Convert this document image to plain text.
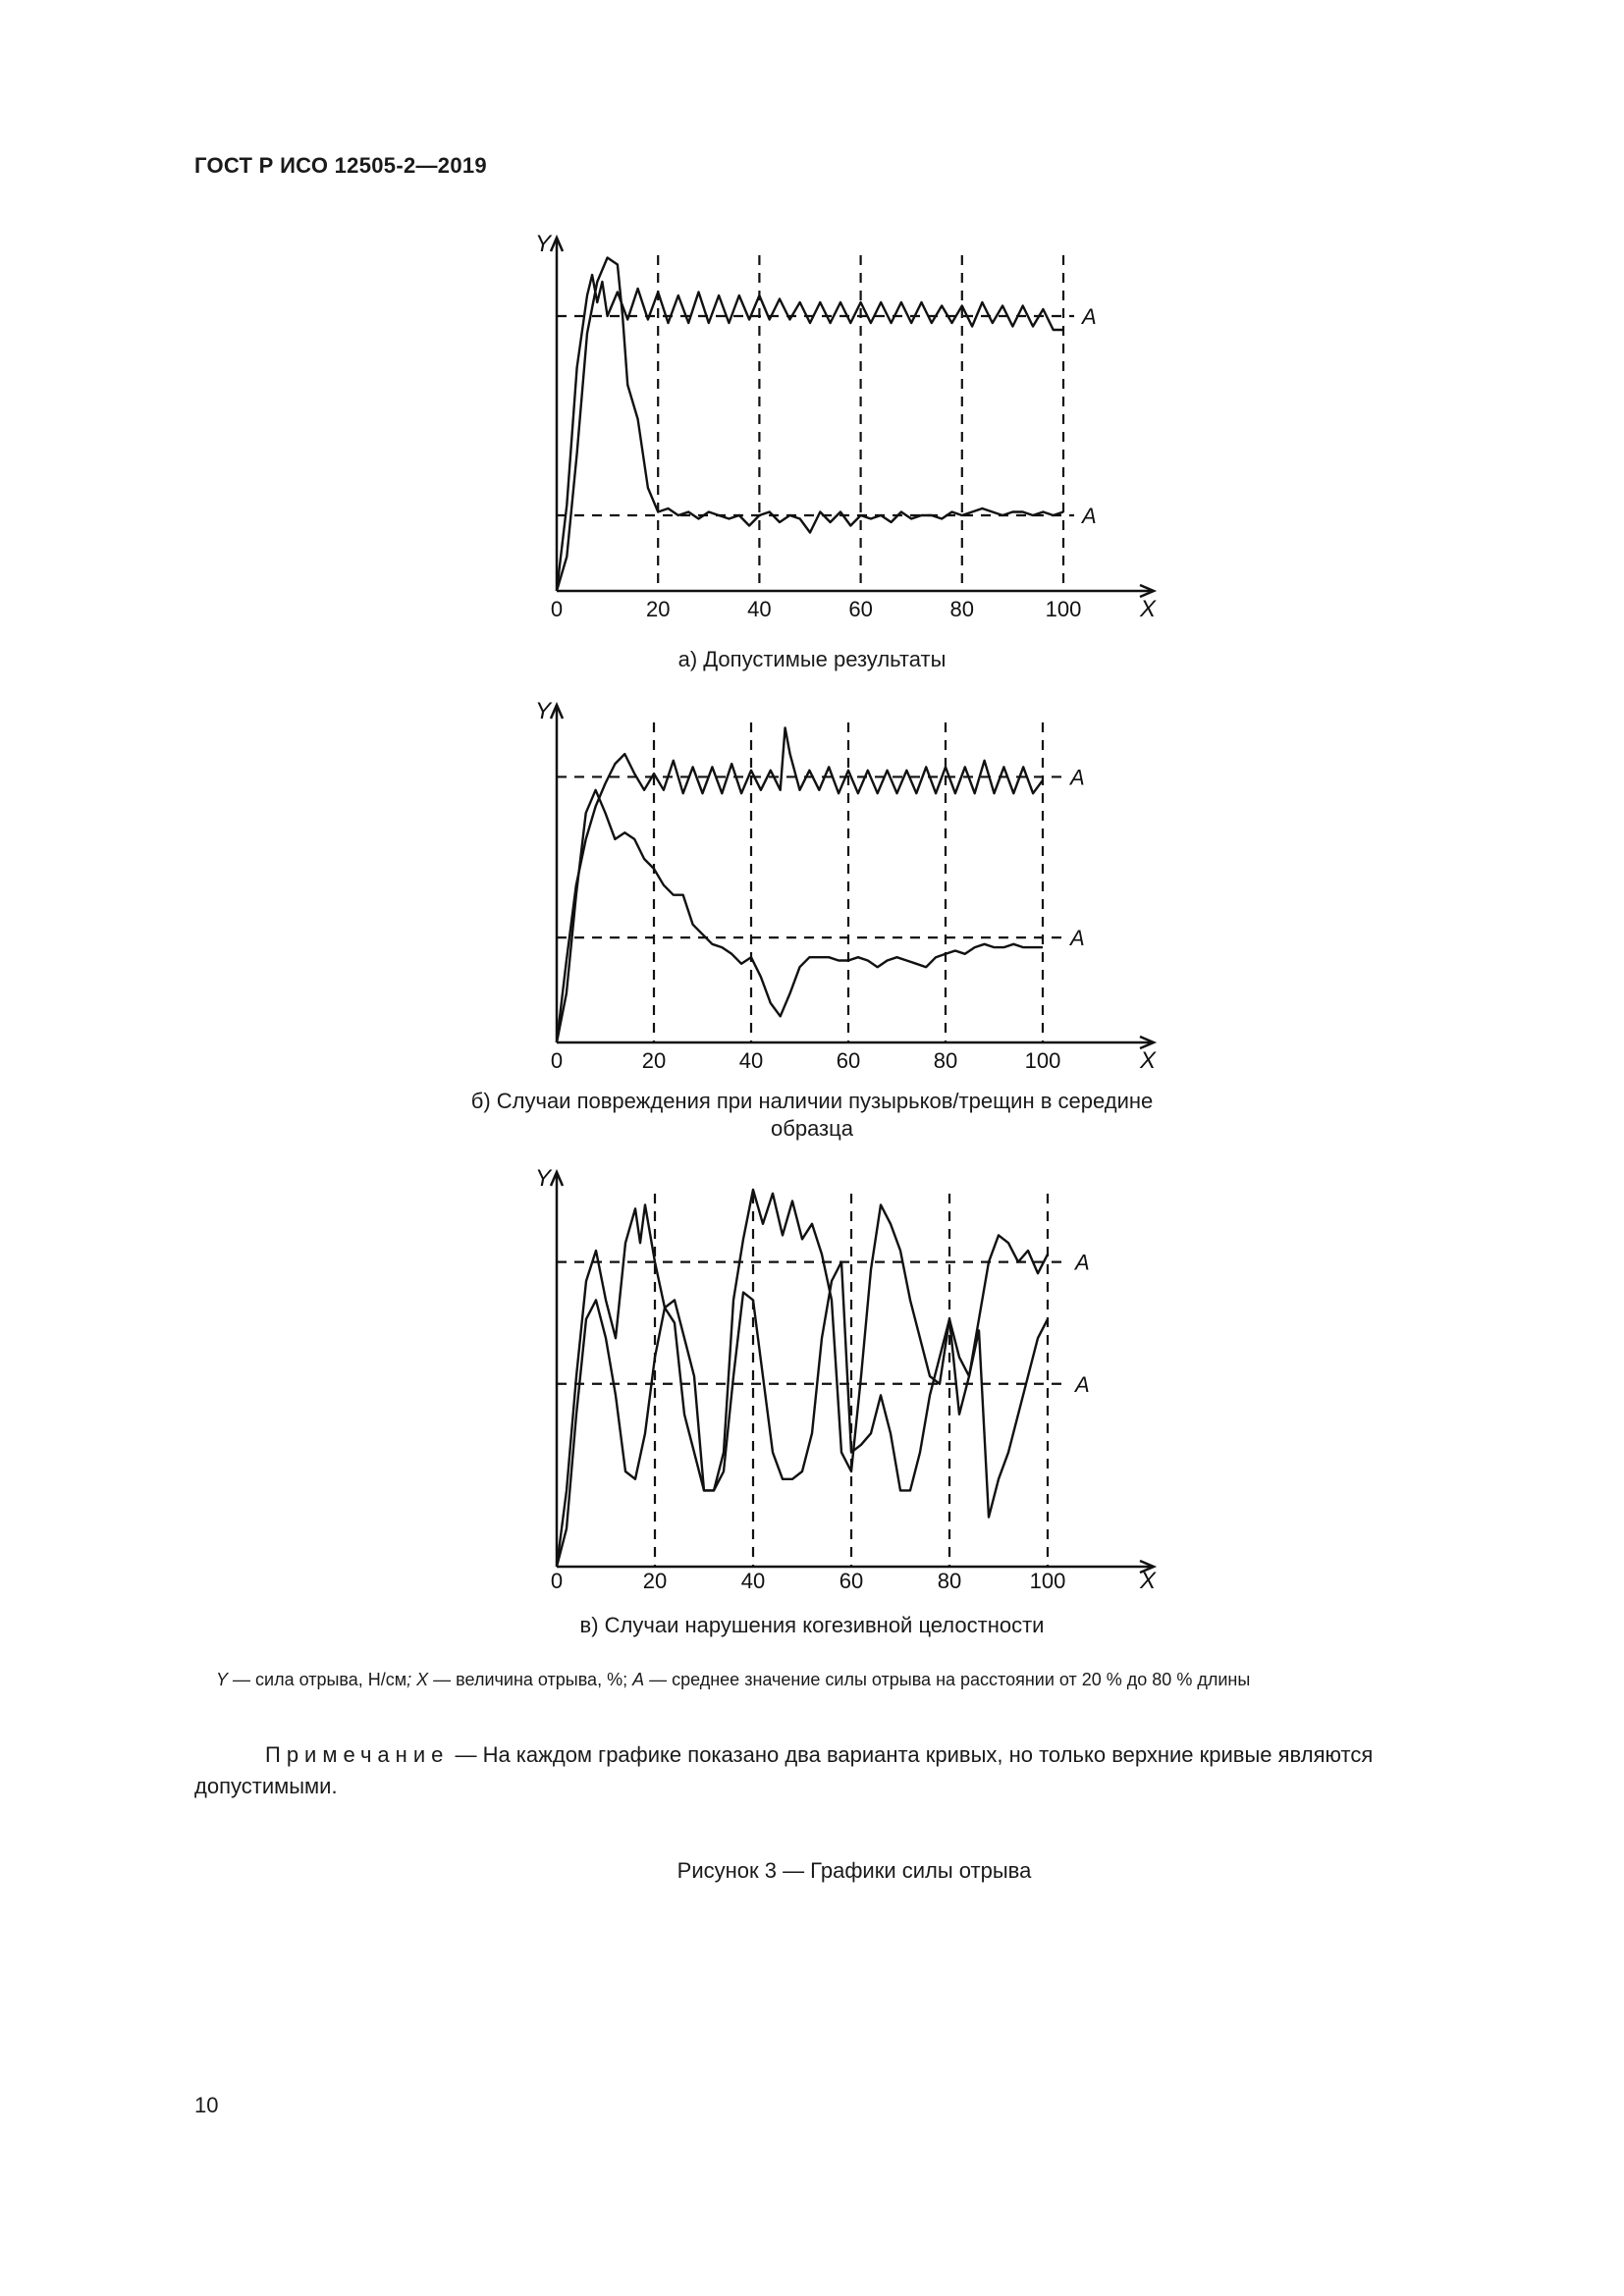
ГОСТ Р ИСО 12505-2—2019
Y
X
0	20	40	60	80	100
A
A
а) Допустимые результаты
Y
X
0	20	40	60	80	100
A
A
б) Случаи повреждения при наличии пузырьков/трещин в середине
образца
Y
X
0	20	40	60	80	100
A
A
в) Случаи нарушения когезивной целостности
Y — сила отрыва, Н/см; X — величина отрыва, %; A — среднее значение силы отрыва на расстоянии от 20 % до 80 % длины
Примечание — На каждом графике показано два варианта кривых, но только верхние кривые являются допустимыми.
Рисунок 3 — Графики силы отрыва
10
